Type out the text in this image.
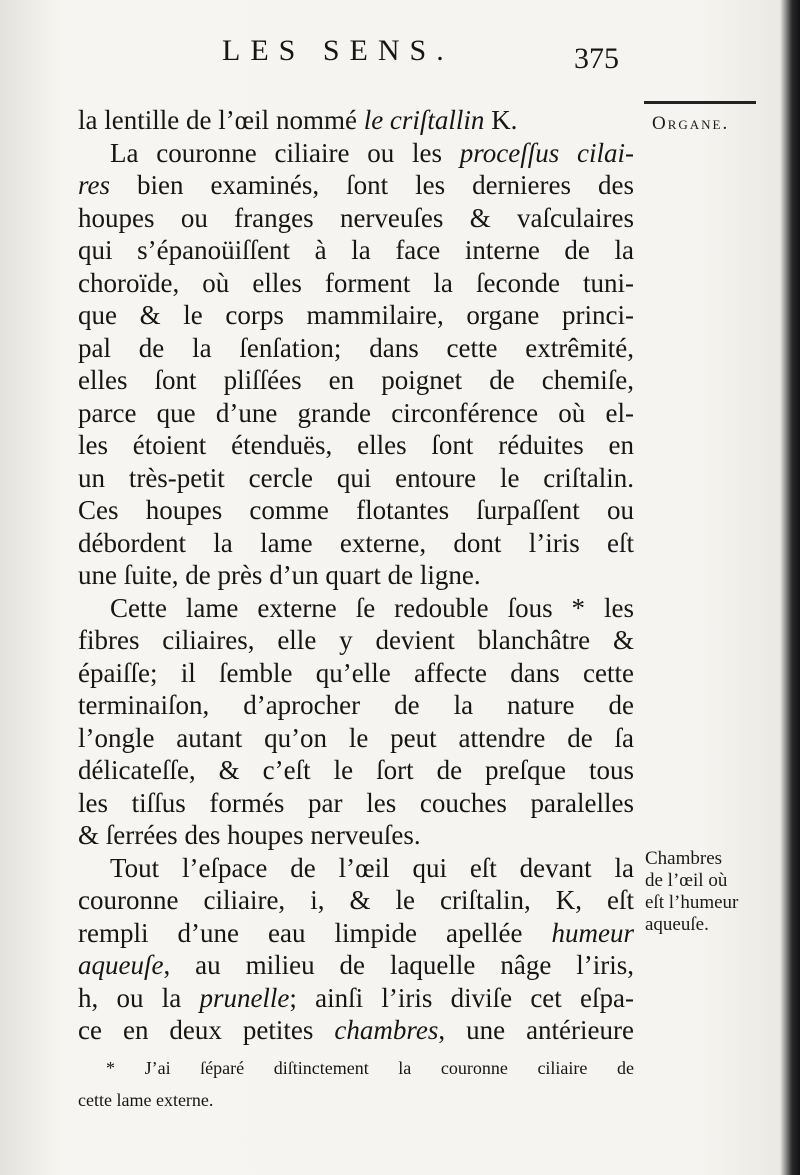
LES SENS.	375
la lentille de l’œil nommé le criſtallin K.
La couronne ciliaire ou les proceſſus cilai-
res bien examinés, ſont les dernieres des
houpes ou franges nerveuſes & vaſculaires
qui s’épanoüiſſent à la face interne de la
choroïde, où elles forment la ſeconde tuni-
que & le corps mammilaire, organe princi-
pal de la ſenſation; dans cette extrêmité,
elles ſont pliſſées en poignet de chemiſe,
parce que d’une grande circonférence où el-
les étoient étenduës, elles ſont réduites en
un très-petit cercle qui entoure le criſtalin.
Ces houpes comme flotantes ſurpaſſent ou
débordent la lame externe, dont l’iris eſt
une ſuite, de près d’un quart de ligne.
Cette lame externe ſe redouble ſous * les
fibres ciliaires, elle y devient blanchâtre &
épaiſſe; il ſemble qu’elle affecte dans cette
terminaiſon, d’aprocher de la nature de
l’ongle autant qu’on le peut attendre de ſa
délicateſſe, & c’eſt le ſort de preſque tous
les tiſſus formés par les couches paralelles
& ſerrées des houpes nerveuſes.
Tout l’eſpace de l’œil qui eſt devant la
couronne ciliaire, i, & le criſtalin, K, eſt
rempli d’une eau limpide apellée humeur
aqueuſe, au milieu de laquelle nâge l’iris,
h, ou la prunelle; ainſi l’iris diviſe cet eſpa-
ce en deux petites chambres, une antérieure
* J’ai ſéparé diſtinctement la couronne ciliaire de
cette lame externe.
Organe.
Chambres
de l’œil où
eſt l’humeur
aqueuſe.
